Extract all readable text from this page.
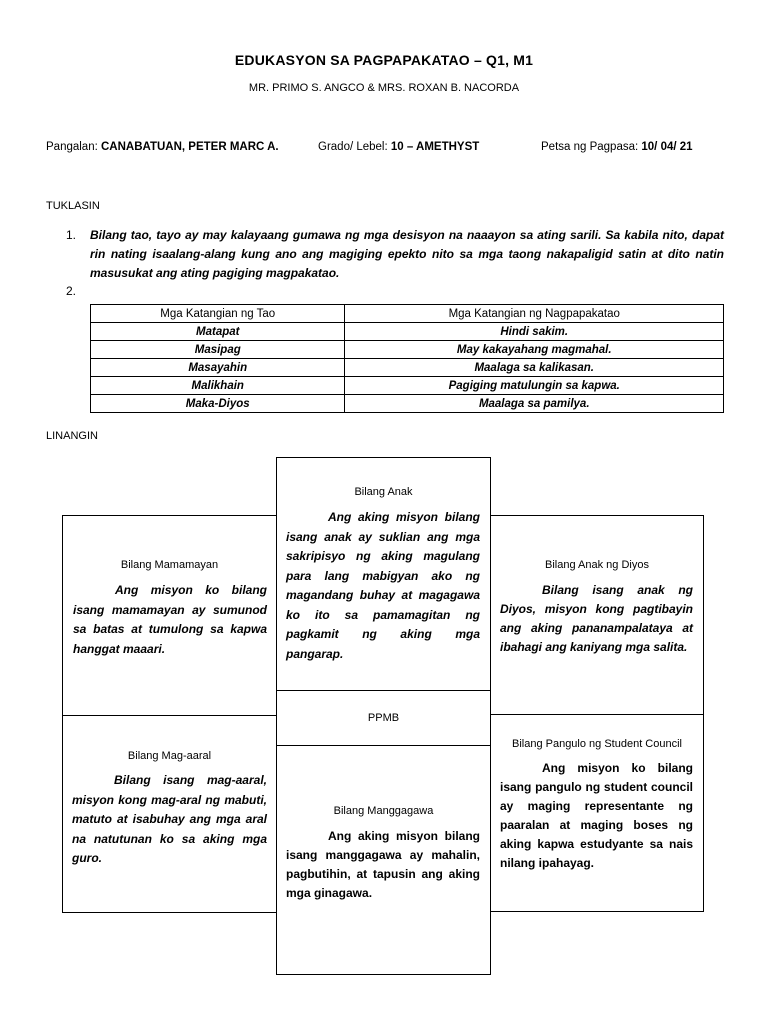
EDUKASYON SA PAGPAPAKATAO – Q1, M1
MR. PRIMO S. ANGCO & MRS. ROXAN B. NACORDA
Pangalan: CANABATUAN, PETER MARC A.	Grado/ Lebel: 10 – AMETHYST	Petsa ng Pagpasa: 10/ 04/ 21
TUKLASIN
1. Bilang tao, tayo ay may kalayaang gumawa ng mga desisyon na naaayon sa ating sarili. Sa kabila nito, dapat rin nating isaalang-alang kung ano ang magiging epekto nito sa mga taong nakapaligid satin at dito natin masusukat ang ating pagiging magpakatao.
2.
Mga Katangian ng Tao	Mga Katangian ng Nagpapakatao
Matapat	Hindi sakim.
Masipag	May kakayahang magmahal.
Masayahin	Maalaga sa kalikasan.
Malikhain	Pagiging matulungin sa kapwa.
Maka-Diyos	Maalaga sa pamilya.
LINANGIN
Bilang Mamamayan
Ang misyon ko bilang isang mamamayan ay sumunod sa batas at tumulong sa kapwa hanggat maaari.
Bilang Mag-aaral
Bilang isang mag-aaral, misyon kong mag-aral ng mabuti, matuto at isabuhay ang mga aral na natutunan ko sa aking mga guro.
Bilang Anak
Ang aking misyon bilang isang anak ay suklian ang mga sakripisyo ng aking magulang para lang mabigyan ako ng magandang buhay at magagawa ko ito sa pamamagitan ng pagkamit ng aking mga pangarap.
PPMB
Bilang Manggagawa
Ang aking misyon bilang isang manggagawa ay mahalin, pagbutihin, at tapusin ang aking mga ginagawa.
Bilang Anak ng Diyos
Bilang isang anak ng Diyos, misyon kong pagtibayin ang aking pananampalataya at ibahagi ang kaniyang mga salita.
Bilang Pangulo ng Student Council
Ang misyon ko bilang isang pangulo ng student council ay maging representante ng paaralan at maging boses ng aking kapwa estudyante sa nais nilang ipahayag.
